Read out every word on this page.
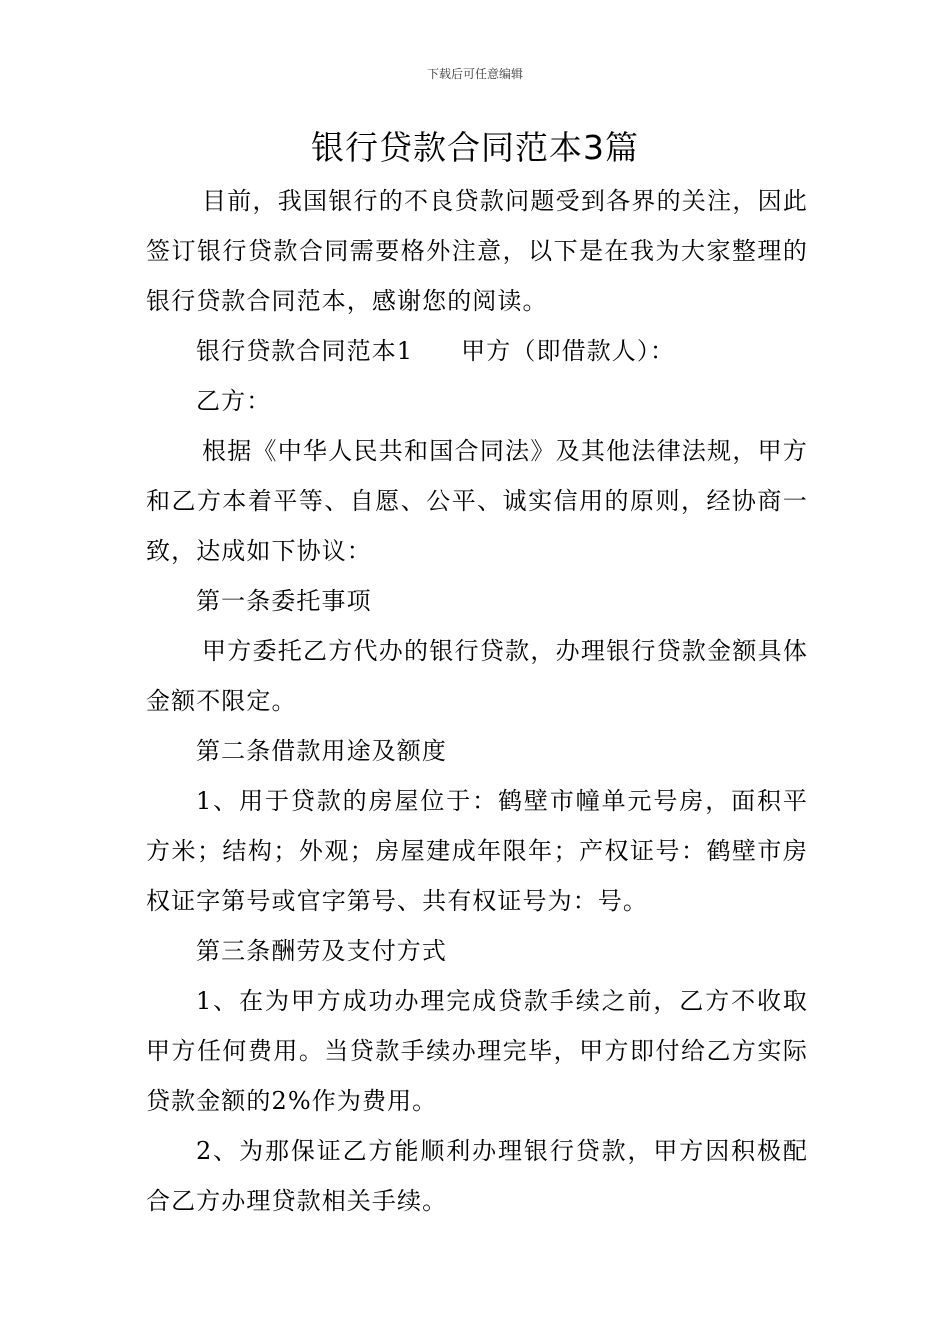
下载后可任意编辑
银行贷款合同范本3篇

目前，我国银行的不良贷款问题受到各界的关注，因此签订银行贷款合同需要格外注意，以下是在我为大家整理的银行贷款合同范本，感谢您的阅读。

银行贷款合同范本1 甲方（即借款人）：

乙方：

根据《中华人民共和国合同法》及其他法律法规，甲方和乙方本着平等、自愿、公平、诚实信用的原则，经协商一致，达成如下协议：

第一条委托事项

甲方委托乙方代办的银行贷款，办理银行贷款金额具体金额不限定。

第二条借款用途及额度

1、用于贷款的房屋位于：鹤壁市幢单元号房，面积平方米；结构；外观；房屋建成年限年；产权证号：鹤壁市房权证字第号或官字第号、共有权证号为：号。

第三条酬劳及支付方式

1、在为甲方成功办理完成贷款手续之前，乙方不收取甲方任何费用。当贷款手续办理完毕，甲方即付给乙方实际贷款金额的2%作为费用。

2、为那保证乙方能顺利办理银行贷款，甲方因积极配合乙方办理贷款相关手续。
